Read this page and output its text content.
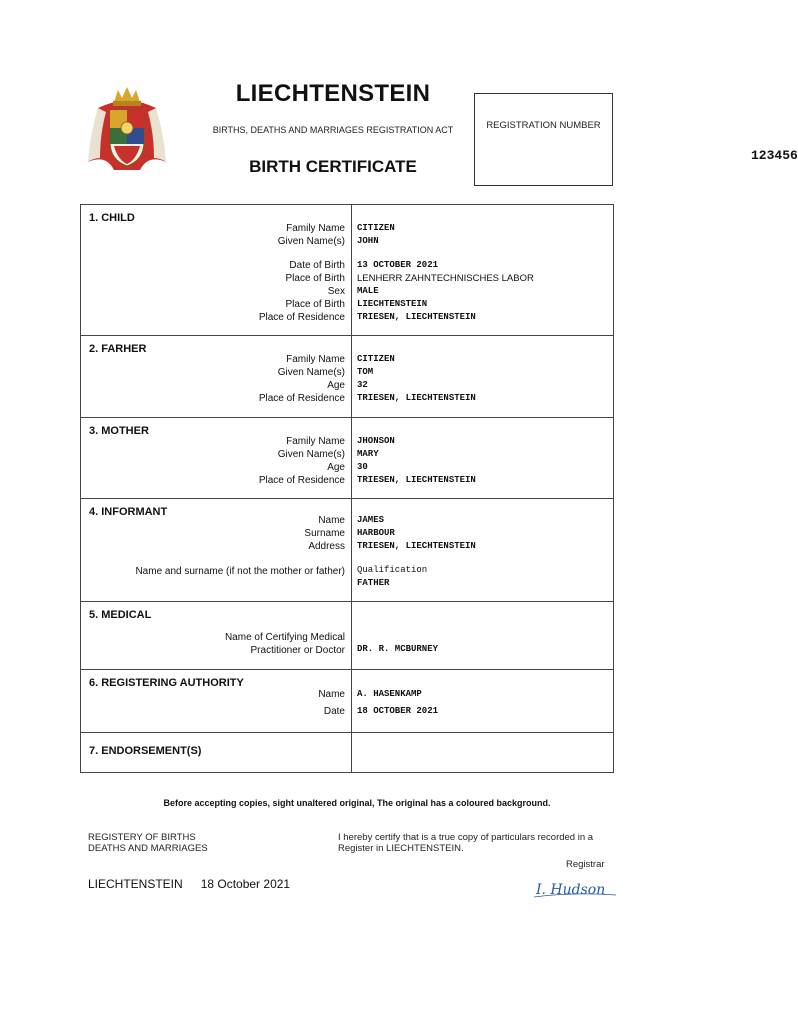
LIECHTENSTEIN
BIRTHS, DEATHS AND MARRIAGES REGISTRATION ACT
BIRTH CERTIFICATE
REGISTRATION NUMBER
123456
1. CHILD
Family Name CITIZEN
Given Name(s) JOHN
Date of Birth 13 OCTOBER 2021
Place of Birth LENHERR ZAHNTECHNISCHES LABOR
Sex MALE
Place of Birth LIECHTENSTEIN
Place of Residence TRIESEN, LIECHTENSTEIN
2. FARHER
Family Name CITIZEN
Given Name(s) TOM
Age 32
Place of Residence TRIESEN, LIECHTENSTEIN
3. MOTHER
Family Name JHONSON
Given Name(s) MARY
Age 30
Place of Residence TRIESEN, LIECHTENSTEIN
4. INFORMANT
Name JAMES
Surname HARBOUR
Address TRIESEN, LIECHTENSTEIN
Name and surname (if not the mother or father) Qualification
FATHER
5. MEDICAL
Name of Certifying Medical
Practitioner or Doctor DR. R. MCBURNEY
6. REGISTERING AUTHORITY
Name A. HASENKAMP
Date 18 OCTOBER 2021
7. ENDORSEMENT(S)
Before accepting copies, sight unaltered original, The original has a coloured background.
REGISTERY OF BIRTHS
DEATHS AND MARRIAGES
I hereby certify that is a true copy of particulars recorded in a
Register in LIECHTENSTEIN.
Registrar
LIECHTENSTEIN 18 October 2021	I. Hudson
